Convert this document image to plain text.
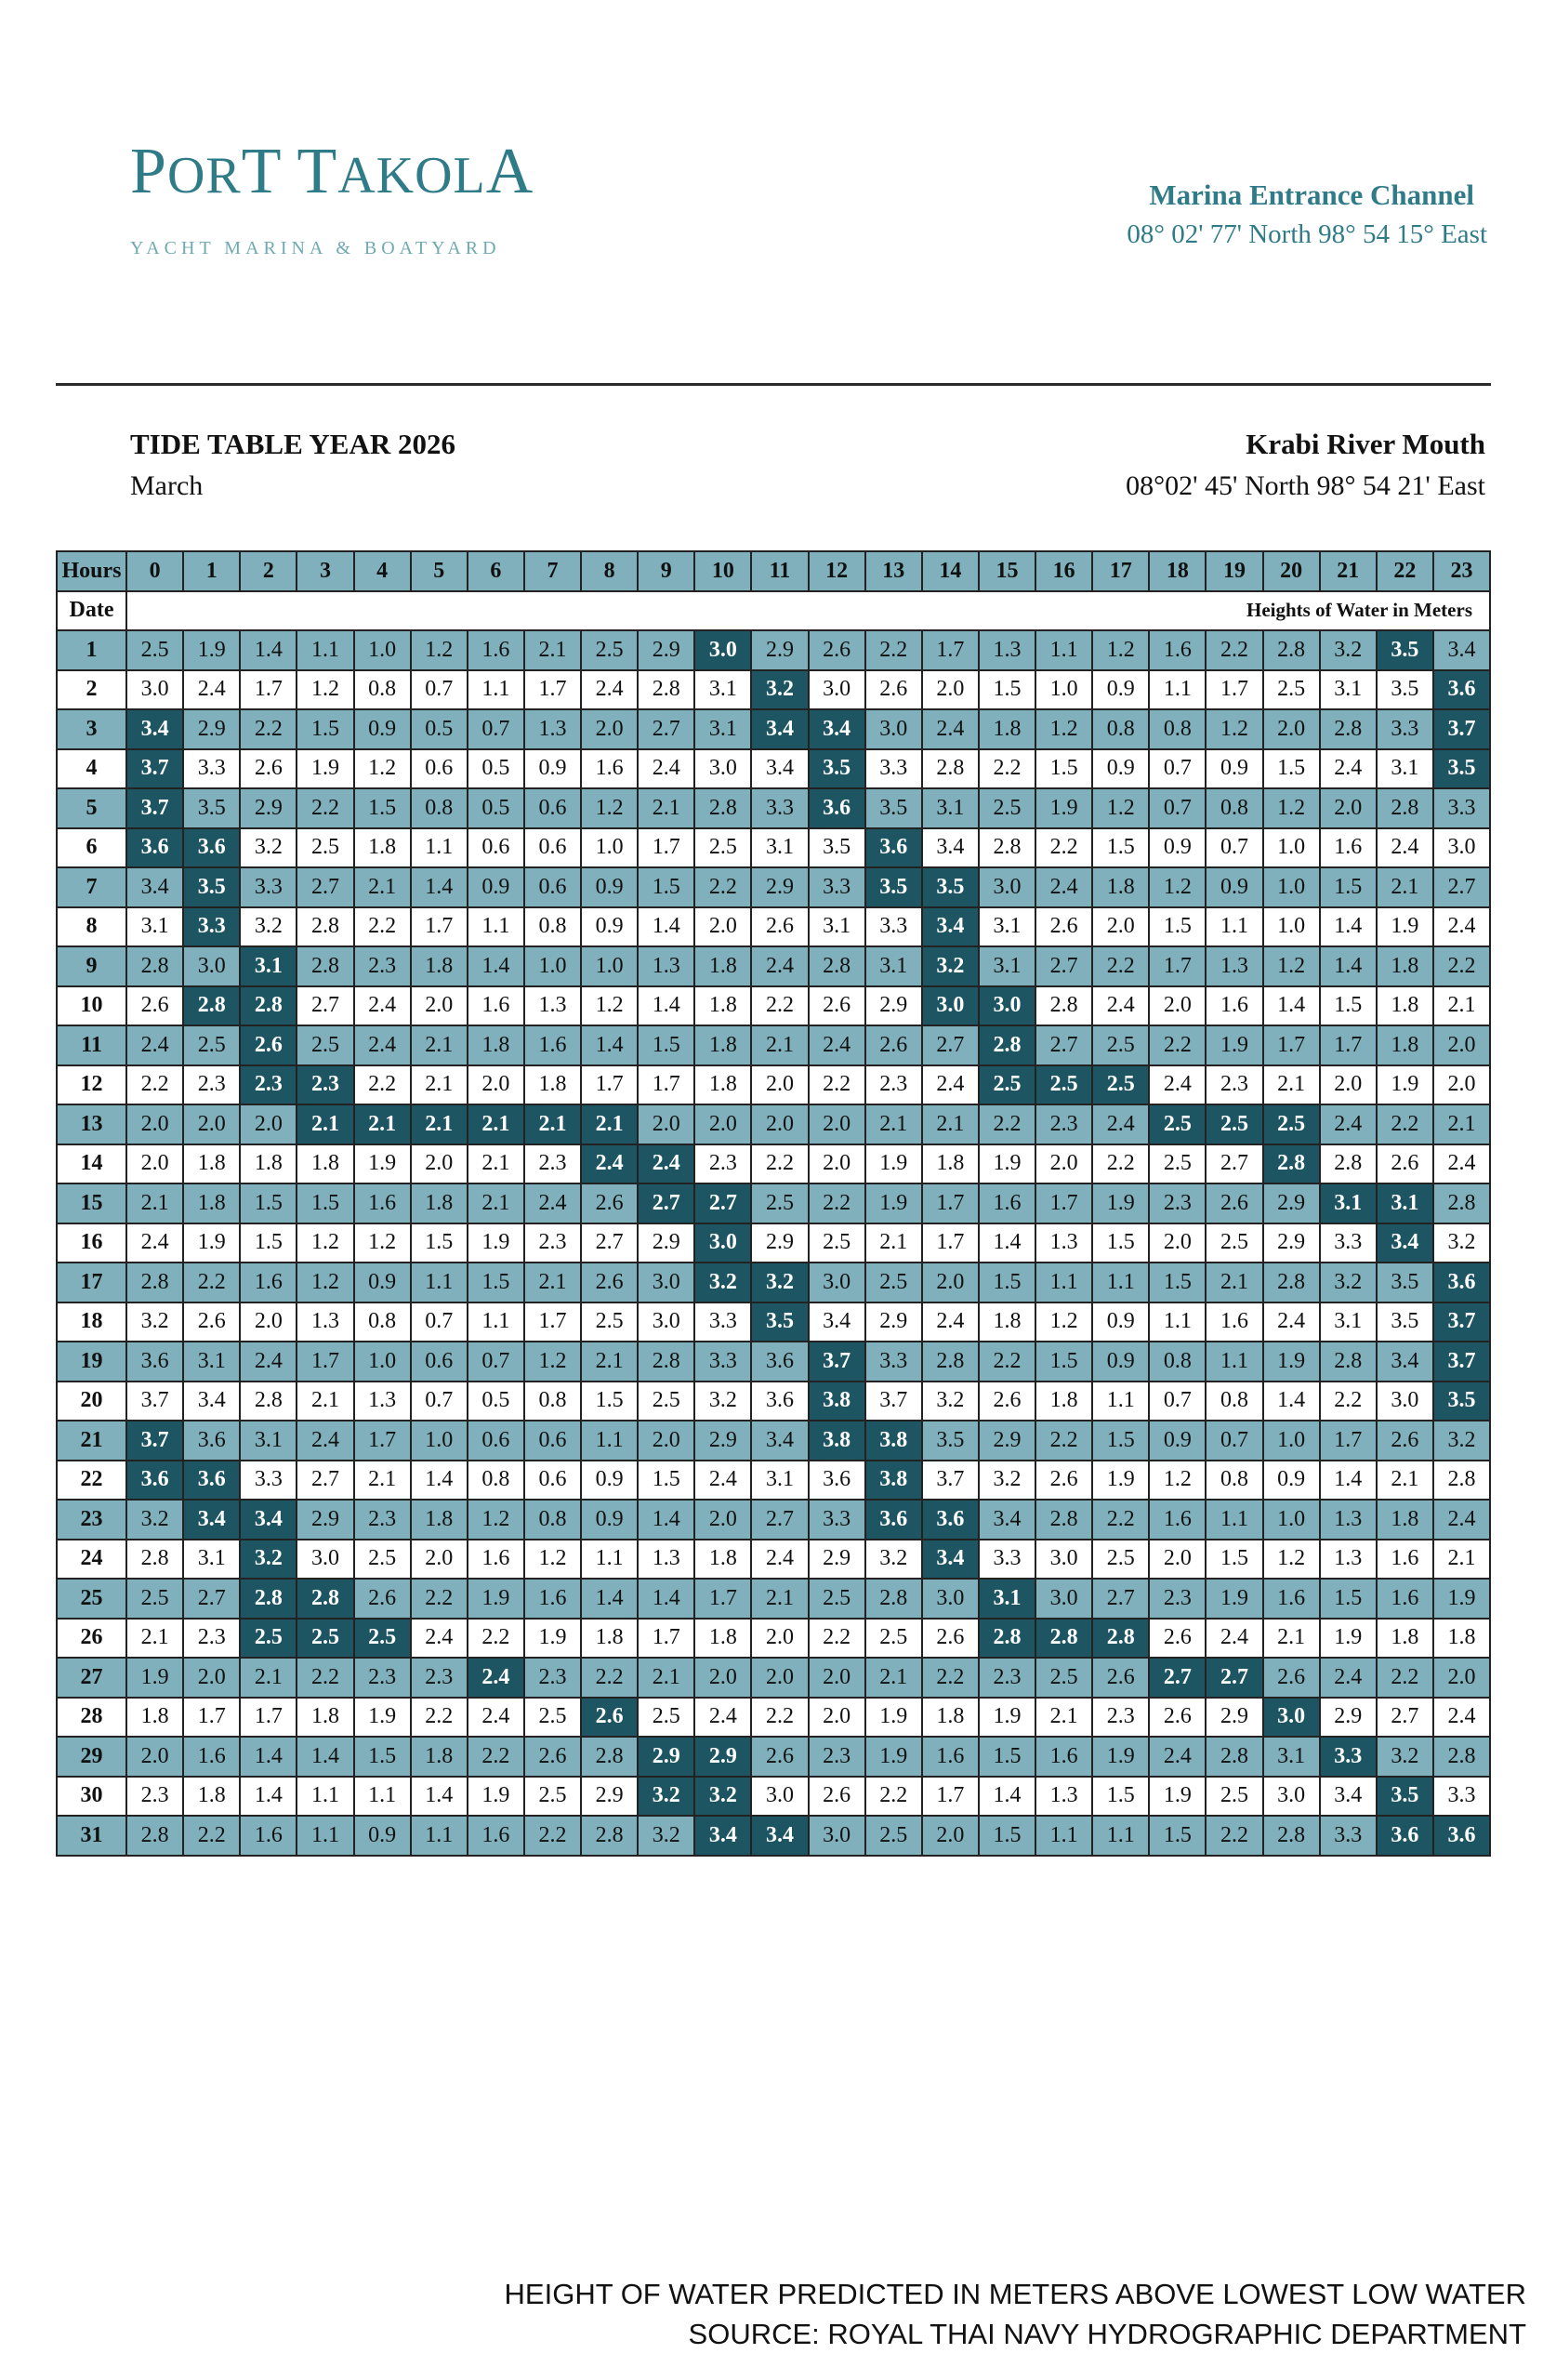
PORT TAKOLA
YACHT MARINA & BOATYARD
Marina Entrance Channel
08° 02' 77' North 98° 54 15° East
TIDE TABLE YEAR 2026
March
Krabi River Mouth
08°02' 45' North 98° 54 21' East
Hours	0	1	2	3	4	5	6	7	8	9	10	11	12	13	14	15	16	17	18	19	20	21	22	23
Date	Heights of Water in Meters																							
1	2.5	1.9	1.4	1.1	1.0	1.2	1.6	2.1	2.5	2.9	3.0	2.9	2.6	2.2	1.7	1.3	1.1	1.2	1.6	2.2	2.8	3.2	3.5	3.4
2	3.0	2.4	1.7	1.2	0.8	0.7	1.1	1.7	2.4	2.8	3.1	3.2	3.0	2.6	2.0	1.5	1.0	0.9	1.1	1.7	2.5	3.1	3.5	3.6
3	3.4	2.9	2.2	1.5	0.9	0.5	0.7	1.3	2.0	2.7	3.1	3.4	3.4	3.0	2.4	1.8	1.2	0.8	0.8	1.2	2.0	2.8	3.3	3.7
4	3.7	3.3	2.6	1.9	1.2	0.6	0.5	0.9	1.6	2.4	3.0	3.4	3.5	3.3	2.8	2.2	1.5	0.9	0.7	0.9	1.5	2.4	3.1	3.5
5	3.7	3.5	2.9	2.2	1.5	0.8	0.5	0.6	1.2	2.1	2.8	3.3	3.6	3.5	3.1	2.5	1.9	1.2	0.7	0.8	1.2	2.0	2.8	3.3
6	3.6	3.6	3.2	2.5	1.8	1.1	0.6	0.6	1.0	1.7	2.5	3.1	3.5	3.6	3.4	2.8	2.2	1.5	0.9	0.7	1.0	1.6	2.4	3.0
7	3.4	3.5	3.3	2.7	2.1	1.4	0.9	0.6	0.9	1.5	2.2	2.9	3.3	3.5	3.5	3.0	2.4	1.8	1.2	0.9	1.0	1.5	2.1	2.7
8	3.1	3.3	3.2	2.8	2.2	1.7	1.1	0.8	0.9	1.4	2.0	2.6	3.1	3.3	3.4	3.1	2.6	2.0	1.5	1.1	1.0	1.4	1.9	2.4
9	2.8	3.0	3.1	2.8	2.3	1.8	1.4	1.0	1.0	1.3	1.8	2.4	2.8	3.1	3.2	3.1	2.7	2.2	1.7	1.3	1.2	1.4	1.8	2.2
10	2.6	2.8	2.8	2.7	2.4	2.0	1.6	1.3	1.2	1.4	1.8	2.2	2.6	2.9	3.0	3.0	2.8	2.4	2.0	1.6	1.4	1.5	1.8	2.1
11	2.4	2.5	2.6	2.5	2.4	2.1	1.8	1.6	1.4	1.5	1.8	2.1	2.4	2.6	2.7	2.8	2.7	2.5	2.2	1.9	1.7	1.7	1.8	2.0
12	2.2	2.3	2.3	2.3	2.2	2.1	2.0	1.8	1.7	1.7	1.8	2.0	2.2	2.3	2.4	2.5	2.5	2.5	2.4	2.3	2.1	2.0	1.9	2.0
13	2.0	2.0	2.0	2.1	2.1	2.1	2.1	2.1	2.1	2.0	2.0	2.0	2.0	2.1	2.1	2.2	2.3	2.4	2.5	2.5	2.5	2.4	2.2	2.1
14	2.0	1.8	1.8	1.8	1.9	2.0	2.1	2.3	2.4	2.4	2.3	2.2	2.0	1.9	1.8	1.9	2.0	2.2	2.5	2.7	2.8	2.8	2.6	2.4
15	2.1	1.8	1.5	1.5	1.6	1.8	2.1	2.4	2.6	2.7	2.7	2.5	2.2	1.9	1.7	1.6	1.7	1.9	2.3	2.6	2.9	3.1	3.1	2.8
16	2.4	1.9	1.5	1.2	1.2	1.5	1.9	2.3	2.7	2.9	3.0	2.9	2.5	2.1	1.7	1.4	1.3	1.5	2.0	2.5	2.9	3.3	3.4	3.2
17	2.8	2.2	1.6	1.2	0.9	1.1	1.5	2.1	2.6	3.0	3.2	3.2	3.0	2.5	2.0	1.5	1.1	1.1	1.5	2.1	2.8	3.2	3.5	3.6
18	3.2	2.6	2.0	1.3	0.8	0.7	1.1	1.7	2.5	3.0	3.3	3.5	3.4	2.9	2.4	1.8	1.2	0.9	1.1	1.6	2.4	3.1	3.5	3.7
19	3.6	3.1	2.4	1.7	1.0	0.6	0.7	1.2	2.1	2.8	3.3	3.6	3.7	3.3	2.8	2.2	1.5	0.9	0.8	1.1	1.9	2.8	3.4	3.7
20	3.7	3.4	2.8	2.1	1.3	0.7	0.5	0.8	1.5	2.5	3.2	3.6	3.8	3.7	3.2	2.6	1.8	1.1	0.7	0.8	1.4	2.2	3.0	3.5
21	3.7	3.6	3.1	2.4	1.7	1.0	0.6	0.6	1.1	2.0	2.9	3.4	3.8	3.8	3.5	2.9	2.2	1.5	0.9	0.7	1.0	1.7	2.6	3.2
22	3.6	3.6	3.3	2.7	2.1	1.4	0.8	0.6	0.9	1.5	2.4	3.1	3.6	3.8	3.7	3.2	2.6	1.9	1.2	0.8	0.9	1.4	2.1	2.8
23	3.2	3.4	3.4	2.9	2.3	1.8	1.2	0.8	0.9	1.4	2.0	2.7	3.3	3.6	3.6	3.4	2.8	2.2	1.6	1.1	1.0	1.3	1.8	2.4
24	2.8	3.1	3.2	3.0	2.5	2.0	1.6	1.2	1.1	1.3	1.8	2.4	2.9	3.2	3.4	3.3	3.0	2.5	2.0	1.5	1.2	1.3	1.6	2.1
25	2.5	2.7	2.8	2.8	2.6	2.2	1.9	1.6	1.4	1.4	1.7	2.1	2.5	2.8	3.0	3.1	3.0	2.7	2.3	1.9	1.6	1.5	1.6	1.9
26	2.1	2.3	2.5	2.5	2.5	2.4	2.2	1.9	1.8	1.7	1.8	2.0	2.2	2.5	2.6	2.8	2.8	2.8	2.6	2.4	2.1	1.9	1.8	1.8
27	1.9	2.0	2.1	2.2	2.3	2.3	2.4	2.3	2.2	2.1	2.0	2.0	2.0	2.1	2.2	2.3	2.5	2.6	2.7	2.7	2.6	2.4	2.2	2.0
28	1.8	1.7	1.7	1.8	1.9	2.2	2.4	2.5	2.6	2.5	2.4	2.2	2.0	1.9	1.8	1.9	2.1	2.3	2.6	2.9	3.0	2.9	2.7	2.4
29	2.0	1.6	1.4	1.4	1.5	1.8	2.2	2.6	2.8	2.9	2.9	2.6	2.3	1.9	1.6	1.5	1.6	1.9	2.4	2.8	3.1	3.3	3.2	2.8
30	2.3	1.8	1.4	1.1	1.1	1.4	1.9	2.5	2.9	3.2	3.2	3.0	2.6	2.2	1.7	1.4	1.3	1.5	1.9	2.5	3.0	3.4	3.5	3.3
31	2.8	2.2	1.6	1.1	0.9	1.1	1.6	2.2	2.8	3.2	3.4	3.4	3.0	2.5	2.0	1.5	1.1	1.1	1.5	2.2	2.8	3.3	3.6	3.6
HEIGHT OF WATER PREDICTED IN METERS ABOVE LOWEST LOW WATER
SOURCE: ROYAL THAI NAVY HYDROGRAPHIC DEPARTMENT
